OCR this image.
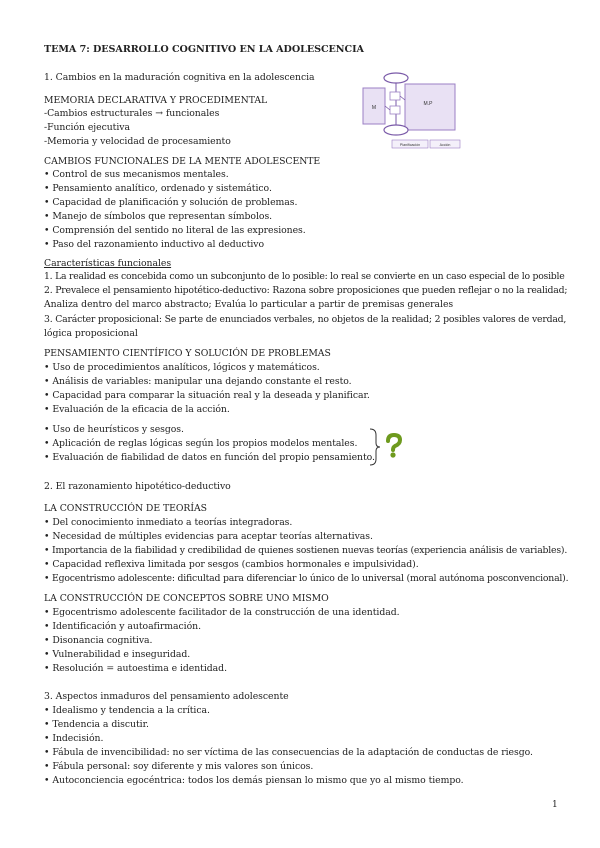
TEMA 7: DESARROLLO COGNITIVO EN LA ADOLESCENCIA
1. Cambios en la maduración cognitiva en la adolescencia
MEMORIA DECLARATIVA Y PROCEDIMENTAL
-Cambios estructurales → funcionales
-Función ejecutiva
-Memoria y velocidad de procesamiento
CAMBIOS FUNCIONALES DE LA MENTE ADOLESCENTE
• Control de sus mecanismos mentales.
• Pensamiento analítico, ordenado y sistemático.
• Capacidad de planificación y solución de problemas.
• Manejo de símbolos que representan símbolos.
• Comprensión del sentido no literal de las expresiones.
• Paso del razonamiento inductivo al deductivo
Características funcionales
1. La realidad es concebida como un subconjunto de lo posible: lo real se convierte en un caso especial de lo posible
2. Prevalece el pensamiento hipotético-deductivo: Razona sobre proposiciones que pueden reflejar o no la realidad;
Analiza dentro del marco abstracto; Evalúa lo particular a partir de premisas generales
3. Carácter proposicional: Se parte de enunciados verbales, no objetos de la realidad; 2 posibles valores de verdad,
lógica proposicional
PENSAMIENTO CIENTÍFICO Y SOLUCIÓN DE PROBLEMAS
• Uso de procedimientos analíticos, lógicos y matemáticos.
• Análisis de variables: manipular una dejando constante el resto.
• Capacidad para comparar la situación real y la deseada y planificar.
• Evaluación de la eficacia de la acción.
• Uso de heurísticos y sesgos.
• Aplicación de reglas lógicas según los propios modelos mentales.
• Evaluación de fiabilidad de datos en función del propio pensamiento.
2. El razonamiento hipotético-deductivo
LA CONSTRUCCIÓN DE TEORÍAS
• Del conocimiento inmediato a teorías integradoras.
• Necesidad de múltiples evidencias para aceptar teorías alternativas.
• Importancia de la fiabilidad y credibilidad de quienes sostienen nuevas teorías (experiencia análisis de variables).
• Capacidad reflexiva limitada por sesgos (cambios hormonales e impulsividad).
• Egocentrismo adolescente: dificultad para diferenciar lo único de lo universal (moral autónoma posconvencional).
LA CONSTRUCCIÓN DE CONCEPTOS SOBRE UNO MISMO
• Egocentrismo adolescente facilitador de la construcción de una identidad.
• Identificación y autoafirmación.
• Disonancia cognitiva.
• Vulnerabilidad e inseguridad.
• Resolución = autoestima e identidad.
3. Aspectos inmaduros del pensamiento adolescente
• Idealismo y tendencia a la crítica.
• Tendencia a discutir.
• Indecisión.
• Fábula de invencibilidad: no ser víctima de las consecuencias de la adaptación de conductas de riesgo.
• Fábula personal: soy diferente y mis valores son únicos.
• Autoconciencia egocéntrica: todos los demás piensan lo mismo que yo al mismo tiempo.
M
M.P
Planificación	Acción
1
